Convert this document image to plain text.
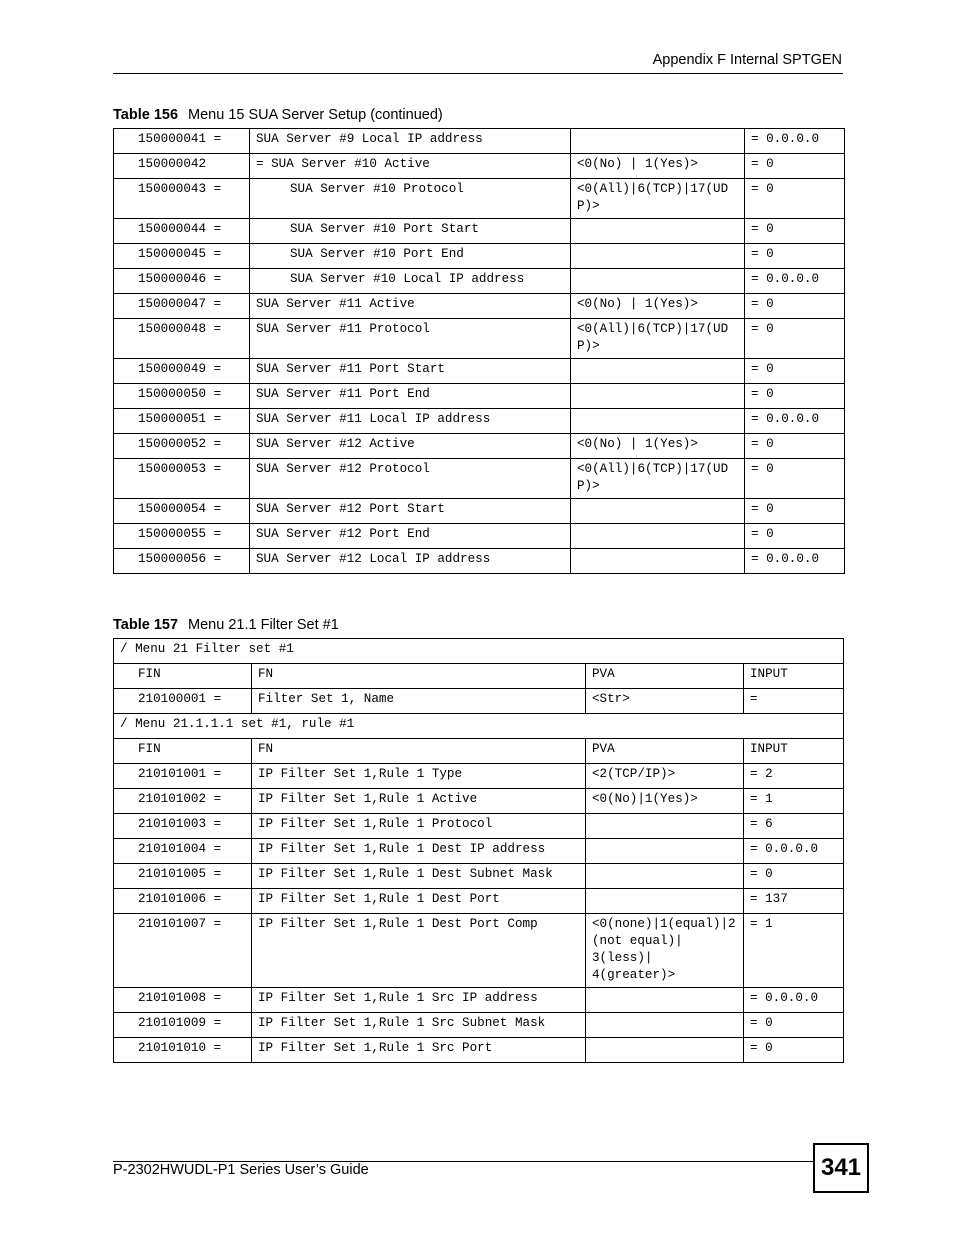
Appendix F Internal SPTGEN
Table 156 Menu 15 SUA Server Setup (continued)
150000041 =	SUA Server #9 Local IP address		= 0.0.0.0
150000042	= SUA Server #10 Active	<0(No) | 1(Yes)>	= 0
150000043 =	SUA Server #10 Protocol	<0(All)|6(TCP)|17(UDP)>	= 0
150000044 =	SUA Server #10 Port Start		= 0
150000045 =	SUA Server #10 Port End		= 0
150000046 =	SUA Server #10 Local IP address		= 0.0.0.0
150000047 =	SUA Server #11 Active	<0(No) | 1(Yes)>	= 0
150000048 =	SUA Server #11 Protocol	<0(All)|6(TCP)|17(UDP)>	= 0
150000049 =	SUA Server #11 Port Start		= 0
150000050 =	SUA Server #11 Port End		= 0
150000051 =	SUA Server #11 Local IP address		= 0.0.0.0
150000052 =	SUA Server #12 Active	<0(No) | 1(Yes)>	= 0
150000053 =	SUA Server #12 Protocol	<0(All)|6(TCP)|17(UDP)>	= 0
150000054 =	SUA Server #12 Port Start		= 0
150000055 =	SUA Server #12 Port End		= 0
150000056 =	SUA Server #12 Local IP address		= 0.0.0.0
Table 157 Menu 21.1 Filter Set #1
/ Menu 21 Filter set #1			
FIN	FN	PVA	INPUT
210100001 =	Filter Set 1, Name	<Str>	=
/ Menu 21.1.1.1 set #1, rule #1			
FIN	FN	PVA	INPUT
210101001 =	IP Filter Set 1,Rule 1 Type	<2(TCP/IP)>	= 2
210101002 =	IP Filter Set 1,Rule 1 Active	<0(No)|1(Yes)>	= 1
210101003 =	IP Filter Set 1,Rule 1 Protocol		= 6
210101004 =	IP Filter Set 1,Rule 1 Dest IP address		= 0.0.0.0
210101005 =	IP Filter Set 1,Rule 1 Dest Subnet Mask		= 0
210101006 =	IP Filter Set 1,Rule 1 Dest Port		= 137
210101007 =	IP Filter Set 1,Rule 1 Dest Port Comp	<0(none)|1(equal)|2(not equal)|
3(less)|
4(greater)>	= 1
210101008 =	IP Filter Set 1,Rule 1 Src IP address		= 0.0.0.0
210101009 =	IP Filter Set 1,Rule 1 Src Subnet Mask		= 0
210101010 =	IP Filter Set 1,Rule 1 Src Port		= 0
P-2302HWUDL-P1 Series User’s Guide	341
